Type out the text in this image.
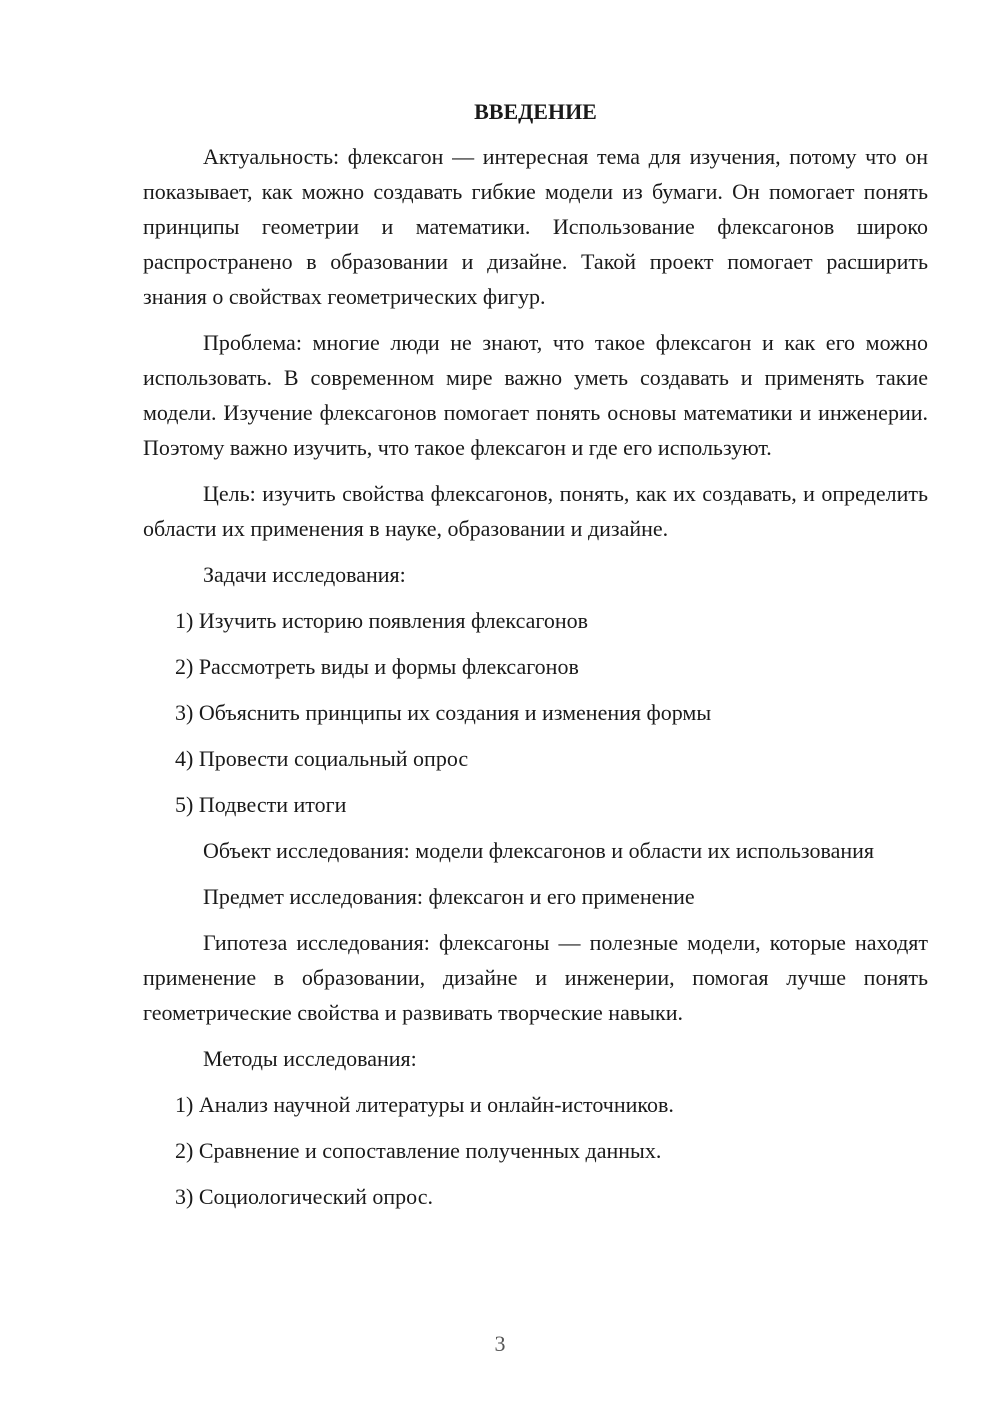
ВВЕДЕНИЕ

Актуальность: флексагон — интересная тема для изучения, потому что он показывает, как можно создавать гибкие модели из бумаги. Он помогает понять принципы геометрии и математики. Использование флексагонов широко распространено в образовании и дизайне. Такой проект помогает расширить знания о свойствах геометрических фигур.

Проблема: многие люди не знают, что такое флексагон и как его можно использовать. В современном мире важно уметь создавать и применять такие модели. Изучение флексагонов помогает понять основы математики и инженерии. Поэтому важно изучить, что такое флексагон и где его используют.

Цель: изучить свойства флексагонов, понять, как их создавать, и определить области их применения в науке, образовании и дизайне.

Задачи исследования:

1) Изучить историю появления флексагонов
2) Рассмотреть виды и формы флексагонов
3) Объяснить принципы их создания и изменения формы
4) Провести социальный опрос
5) Подвести итоги

Объект исследования: модели флексагонов и области их использования

Предмет исследования: флексагон и его применение

Гипотеза исследования: флексагоны — полезные модели, которые находят применение в образовании, дизайне и инженерии, помогая лучше понять геометрические свойства и развивать творческие навыки.

Методы исследования:

1) Анализ научной литературы и онлайн-источников.
2) Сравнение и сопоставление полученных данных.
3) Социологический опрос.
3
